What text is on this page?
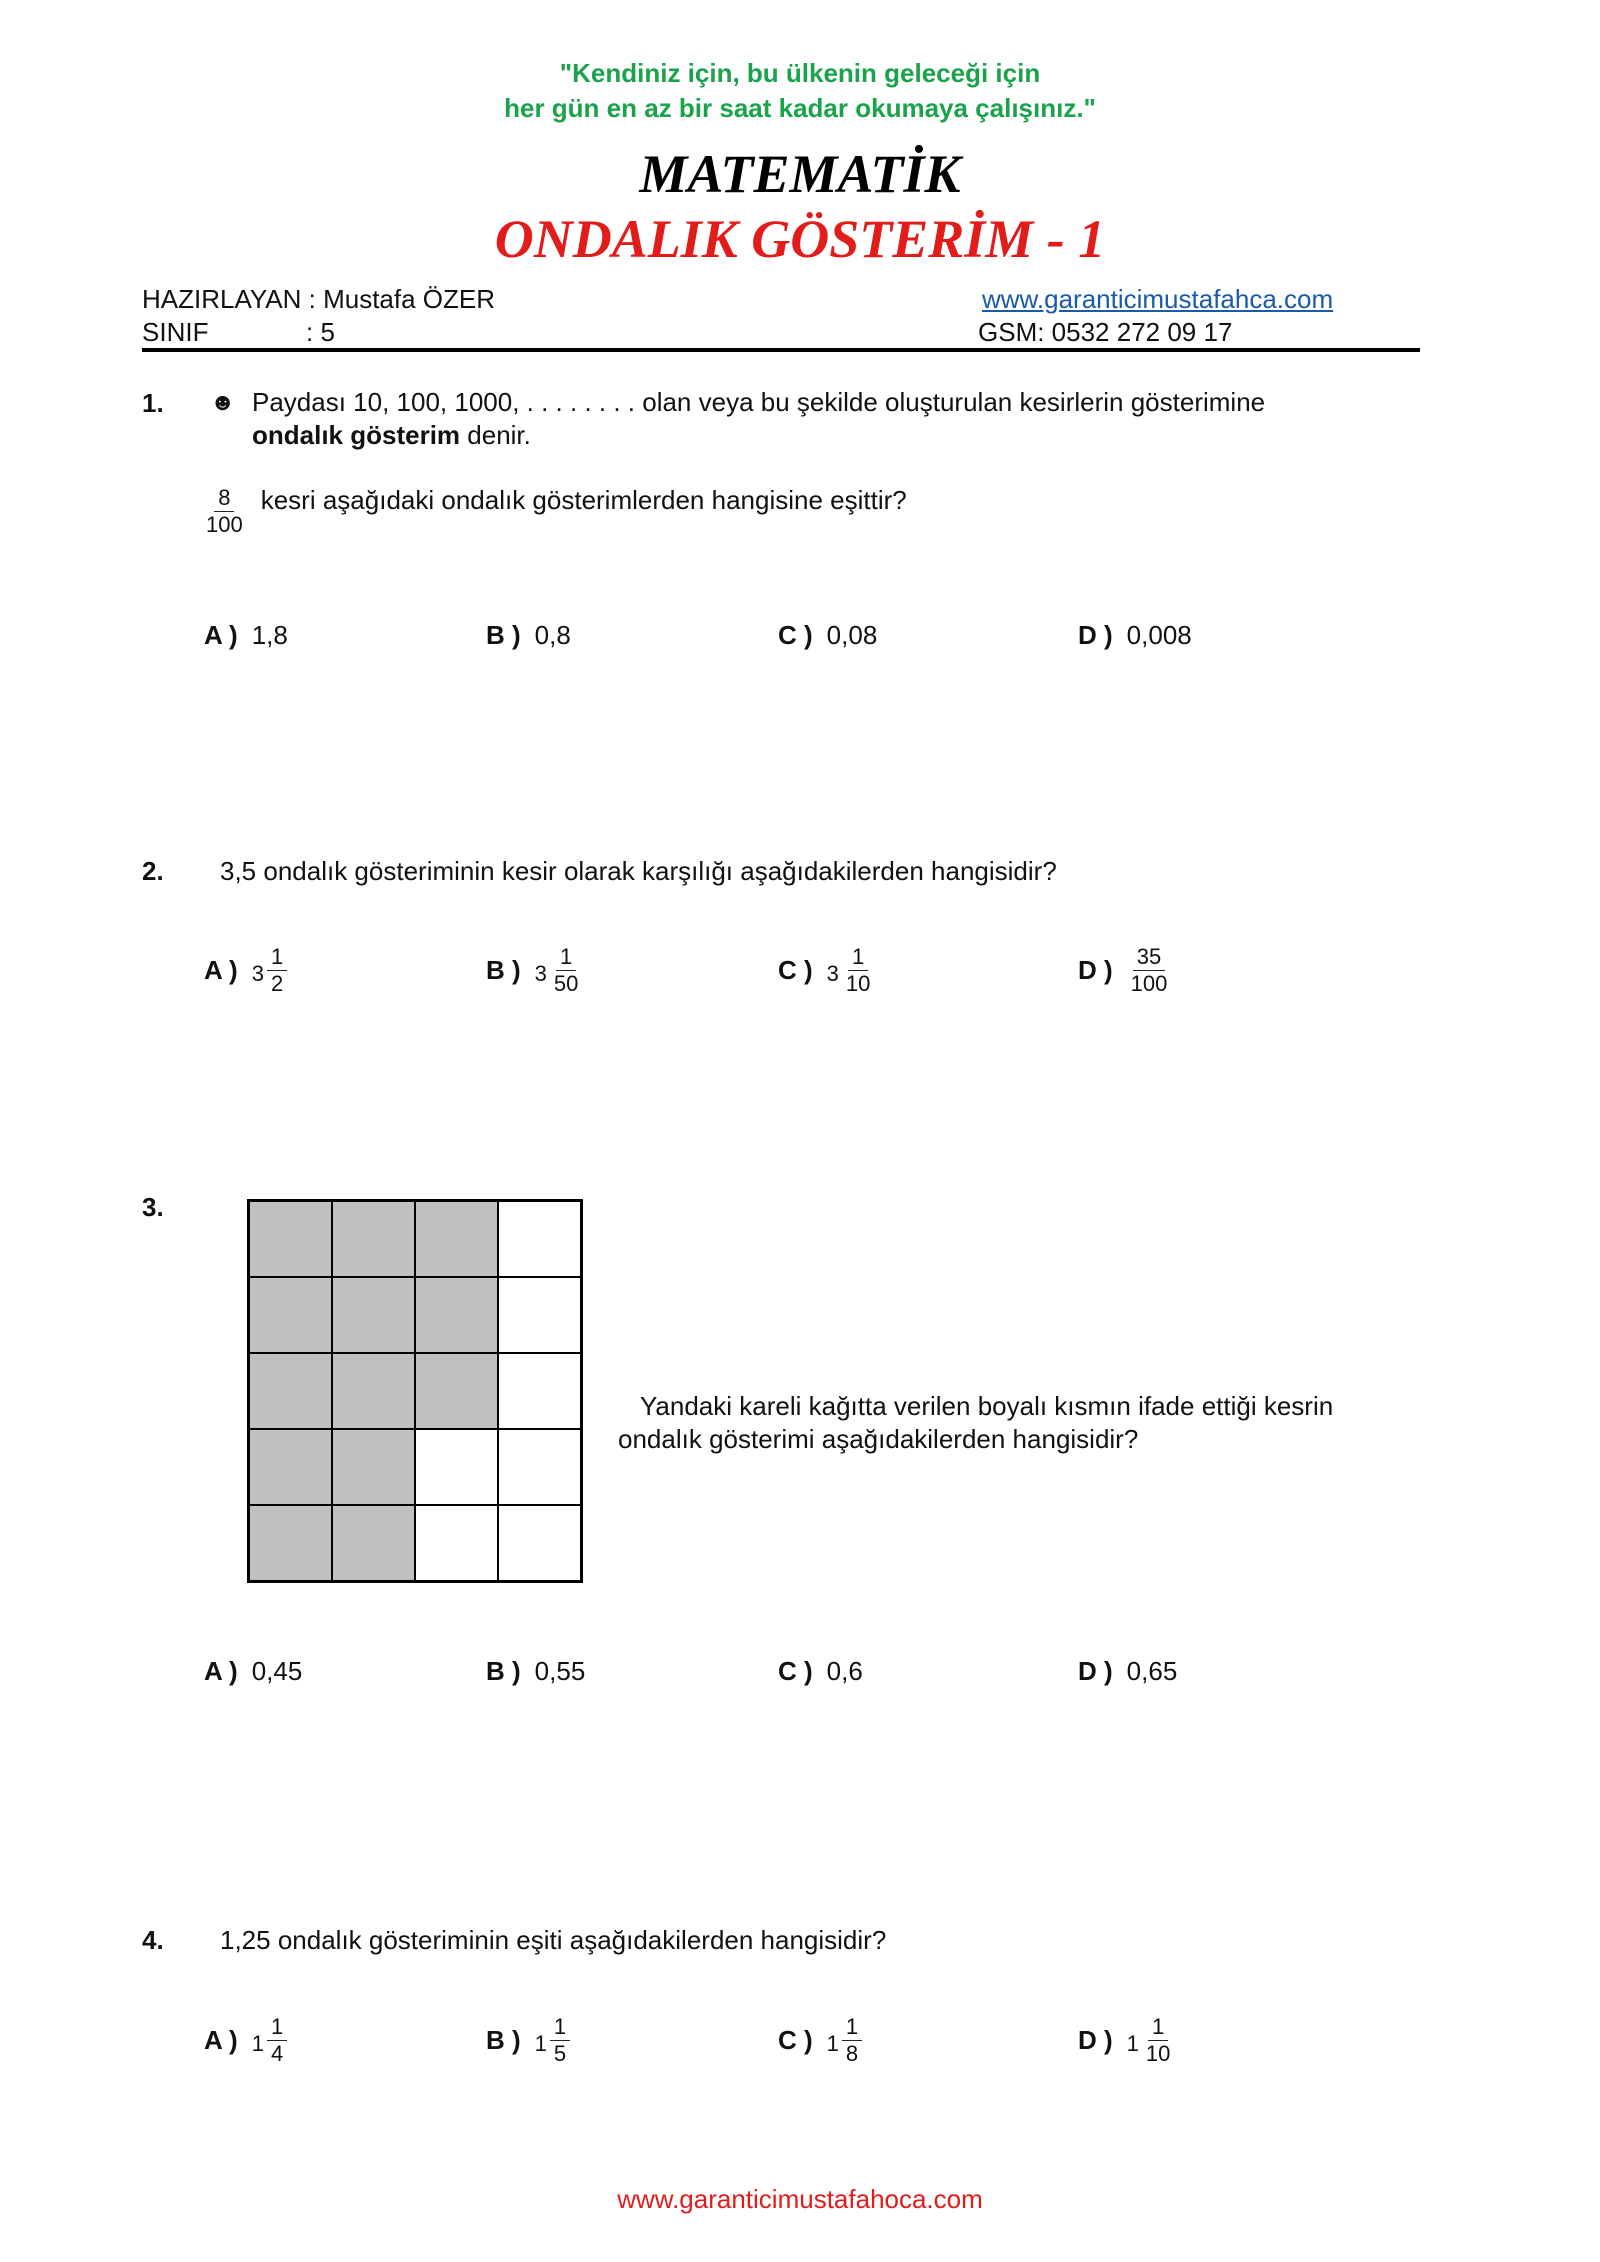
"Kendiniz için, bu ülkenin geleceği için
her gün en az bir saat kadar okumaya çalışınız."
MATEMATİK
ONDALIK GÖSTERİM - 1
HAZIRLAYAN : Mustafa ÖZER
SINIF	: 5
www.garanticimustafahca.com
GSM: 0532 272 09 17
1. ☻ Paydası 10, 100, 1000, . . . . . . . . olan veya bu şekilde oluşturulan kesirlerin gösterimine
ondalık gösterim denir.
$\frac{8}{100}$ kesri aşağıdaki ondalık gösterimlerden hangisine eşittir?
A ) 1,8	B ) 0,8	C ) 0,08	D ) 0,008
2. 3,5 ondalık gösteriminin kesir olarak karşılığı aşağıdakilerden hangisidir?
A ) $3 \frac{1}{2}$	B ) $3 \frac{1}{50}$	C ) $3 \frac{1}{10}$	D ) $\frac{35}{100}$
3.
Yandaki kareli kağıtta verilen boyalı kısmın ifade ettiği kesrin
ondalık gösterimi aşağıdakilerden hangisidir?
A ) 0,45	B ) 0,55	C ) 0,6	D ) 0,65
4. 1,25 ondalık gösteriminin eşiti aşağıdakilerden hangisidir?
A ) $1 \frac{1}{4}$	B ) $1 \frac{1}{5}$	C ) $1 \frac{1}{8}$	D ) $1 \frac{1}{10}$
www.garanticimustafahoca.com
